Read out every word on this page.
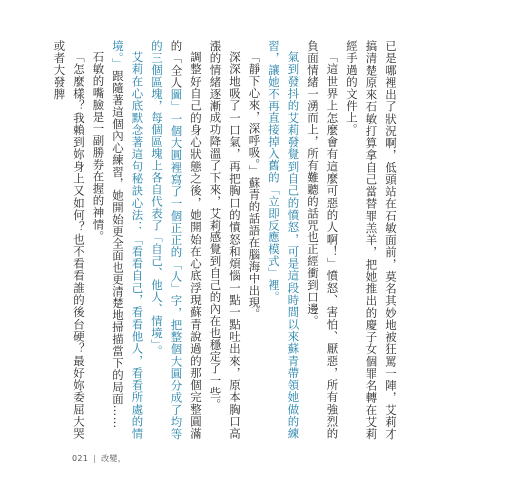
已是哪裡出了狀況啊，低頭站在石敏面前，莫名其妙地被狂罵一陣，艾莉才搞清楚原來石敏打算拿自己當替罪羔羊，把她推出的慶子女個罪名轉在艾莉經手過的文件上。

「這世界上怎麼會有這麼可惡的人啊！」憤怒、害怕、厭惡，所有強烈的負面情緒一湧而上，所有難聽的話咒也正經衝到口邊。

氣到發抖的艾莉發覺到自己的憤怒，可是這段時間以來蘇青帶領她做的練習，讓她不再直接掉入舊的「立即反應模式」裡。

「靜下心來，深呼吸。」蘇青的話語在腦海中出現。

深深地吸了一口氣，再把胸口的憤怒和煩惱一點一點吐出來，原本胸口高漲的情緒逐漸成功降溫了下來，艾莉感覺到自己的內在也穩定了一些。

調整好自己的身心狀態之後，她開始在心底浮現蘇青說過的那個完整圓滿的「全人圖」一個大圓裡寫了一個正正的「人」字，把整個大圓分成了均等的三個區塊，每個區塊上各自代表了「自己、他人、情境」。

艾莉在心底默念著這句秘訣心法：「看看自己，看看他人，看看所處的情境。」跟隨著這個內心練習，她開始更全面也更清楚地掃描當下的局面……

石敏的嘴臉是一副勝券在握的神情。

「怎麼樣？我賴到妳身上又如何？也不看看誰的後台硬？最好妳委屈大哭或者大發脾

021 | 改變，
